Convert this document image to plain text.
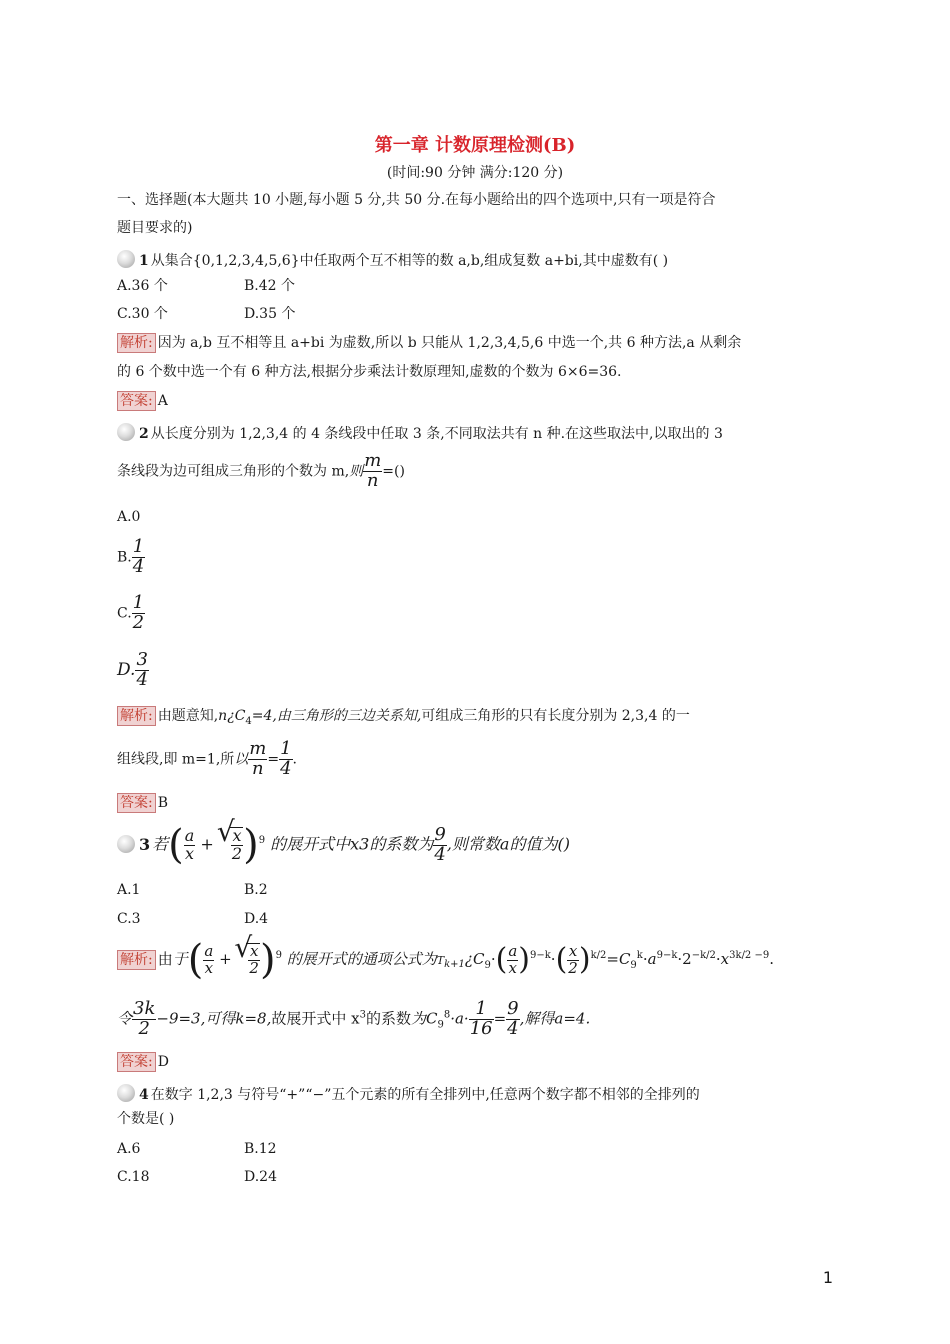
第一章 计数原理检测(B)
(时间:90 分钟 满分:120 分)
一、选择题(本大题共 10 小题,每小题 5 分,共 50 分.在每小题给出的四个选项中,只有一项是符合
题目要求的)
1 从集合{0,1,2,3,4,5,6}中任取两个互不相等的数 a,b,组成复数 a+bi,其中虚数有( )
A.36 个	B.42 个
C.30 个	D.35 个
解析: 因为 a,b 互不相等且 a+bi 为虚数,所以 b 只能从 1,2,3,4,5,6 中选一个,共 6 种方法,a 从剩余
的 6 个数中选一个有 6 种方法,根据分步乘法计数原理知,虚数的个数为 6×6=36.
答案: A
2 从长度分别为 1,2,3,4 的 4 条线段中任取 3 条,不同取法共有 n 种.在这些取法中,以取出的 3
条线段为边可组成三角形的个数为 m,则 $\frac{m}{n}$ =()
A.0
B. $\frac{1}{4}$
C. $\frac{1}{2}$
D. $\frac{3}{4}$
解析: 由题意知$,n¿C_4=4$,由三角形的三边关系知,可组成三角形的只有长度分别为 2,3,4 的一
组线段,即 m=1,所以 $\frac{m}{n} = \frac{1}{4}$ .
答案: B
3 若( $\frac{a}{x}$ + √ $\frac{x}{2} )^9$ 的展开式中x3的系数为 $\frac{9}{4}$ ,则常数a的值为()
A.1	B.2
C.3	D.4
解析: 由于( $\frac{a}{x}$ + √ $\frac{x}{2} )^9$ 的展开式的通项公式为$Tk+1¿C_9\cdot( \frac{a}{x} )^{9-k}\cdot( \frac{x}{2} )^{k/2}=C_9^k\cdot a^{9-k}\cdot 2^{-k/2}\cdot x^{3k/2 -9}$.
令 $\frac{3k}{2} -9=3$,可得k=8,故展开式中 $x^3$的系数为$C_9^8\cdot a\cdot \frac{1}{16} = \frac{9}{4}$ ,解得a=4.
答案: D
4 在数字 1,2,3 与符号“+”“−”五个元素的所有全排列中,任意两个数字都不相邻的全排列的
个数是( )
A.6	B.12
C.18	D.24
1
